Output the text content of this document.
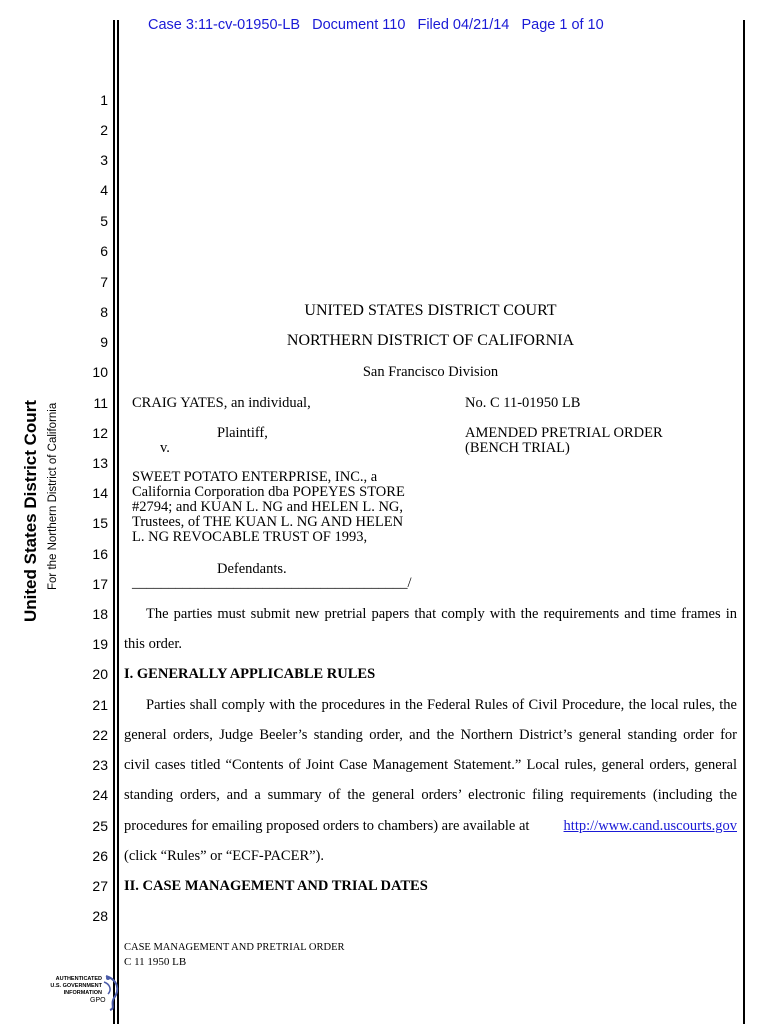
Case 3:11-cv-01950-LB   Document 110   Filed 04/21/14   Page 1 of 10
United States District Court For the Northern District of California
1
2
3
4
5
6
7
8
9
10
11
12
13
14
15
16
17
18
19
20
21
22
23
24
25
26
27
28
UNITED STATES DISTRICT COURT
NORTHERN DISTRICT OF CALIFORNIA
San Francisco Division
CRAIG YATES, an individual,	No. C 11-01950 LB
Plaintiff,	AMENDED PRETRIAL ORDER
v.	(BENCH TRIAL)
SWEET POTATO ENTERPRISE, INC., a
California Corporation dba POPEYES STORE
#2794; and KUAN L. NG and HELEN L. NG,
Trustees, of THE KUAN L. NG AND HELEN
L. NG REVOCABLE TRUST OF 1993,
Defendants.
______________________________________/
The parties must submit new pretrial papers that comply with the requirements and time frames in
this order.
I. GENERALLY APPLICABLE RULES
Parties shall comply with the procedures in the Federal Rules of Civil Procedure, the local rules, the
general orders, Judge Beeler’s standing order, and the Northern District’s general standing order for
civil cases titled “Contents of Joint Case Management Statement.” Local rules, general orders, general
standing orders, and a summary of the general orders’ electronic filing requirements (including the
procedures for emailing proposed orders to chambers) are available at http://www.cand.uscourts.gov
(click “Rules” or “ECF-PACER”).
II. CASE MANAGEMENT AND TRIAL DATES
CASE MANAGEMENT AND PRETRIAL ORDER
C 11 1950 LB
AUTHENTICATED
U.S. GOVERNMENT
INFORMATION
GPO
